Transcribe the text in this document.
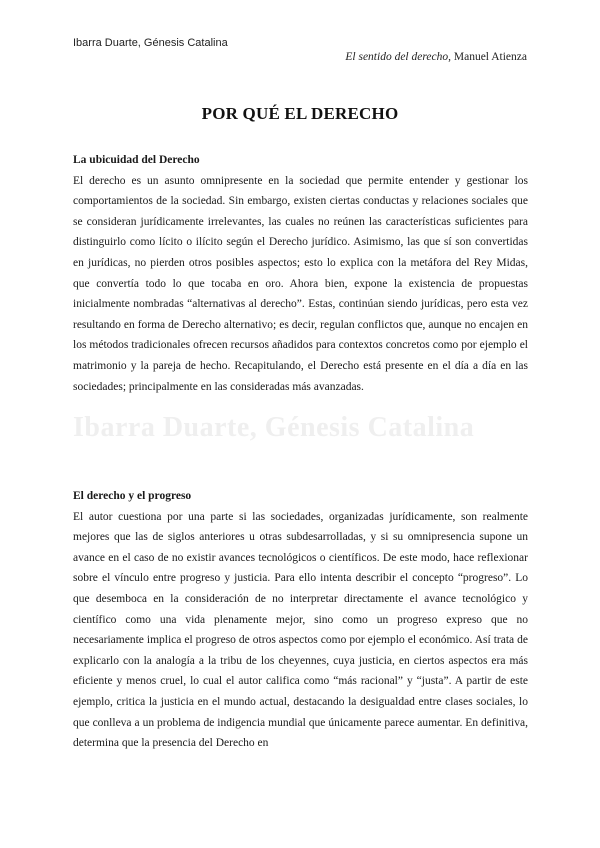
Ibarra Duarte, Génesis Catalina
El sentido del derecho, Manuel Atienza
POR QUÉ EL DERECHO
Ibarra Duarte, Génesis Catalina
La ubicuidad del Derecho

El derecho es un asunto omnipresente en la sociedad que permite entender y gestionar los comportamientos de la sociedad. Sin embargo, existen ciertas conductas y relaciones sociales que se consideran jurídicamente irrelevantes, las cuales no reúnen las características suficientes para distinguirlo como lícito o ilícito según el Derecho jurídico. Asimismo, las que sí son convertidas en jurídicas, no pierden otros posibles aspectos; esto lo explica con la metáfora del Rey Midas, que convertía todo lo que tocaba en oro. Ahora bien, expone la existencia de propuestas inicialmente nombradas “alternativas al derecho”. Estas, continúan siendo jurídicas, pero esta vez resultando en forma de Derecho alternativo; es decir, regulan conflictos que, aunque no encajen en los métodos tradicionales ofrecen recursos añadidos para contextos concretos como por ejemplo el matrimonio y la pareja de hecho. Recapitulando, el Derecho está presente en el día a día en las sociedades; principalmente en las consideradas más avanzadas.

El derecho y el progreso

El autor cuestiona por una parte si las sociedades, organizadas jurídicamente, son realmente mejores que las de siglos anteriores u otras subdesarrolladas, y si su omnipresencia supone un avance en el caso de no existir avances tecnológicos o científicos. De este modo, hace reflexionar sobre el vínculo entre progreso y justicia. Para ello intenta describir el concepto “progreso”. Lo que desemboca en la consideración de no interpretar directamente el avance tecnológico y científico como una vida plenamente mejor, sino como un progreso expreso que no necesariamente implica el progreso de otros aspectos como por ejemplo el económico. Así trata de explicarlo con la analogía a la tribu de los cheyennes, cuya justicia, en ciertos aspectos era más eficiente y menos cruel, lo cual el autor califica como “más racional” y “justa”. A partir de este ejemplo, critica la justicia en el mundo actual, destacando la desigualdad entre clases sociales, lo que conlleva a un problema de indigencia mundial que únicamente parece aumentar. En definitiva, determina que la presencia del Derecho en
